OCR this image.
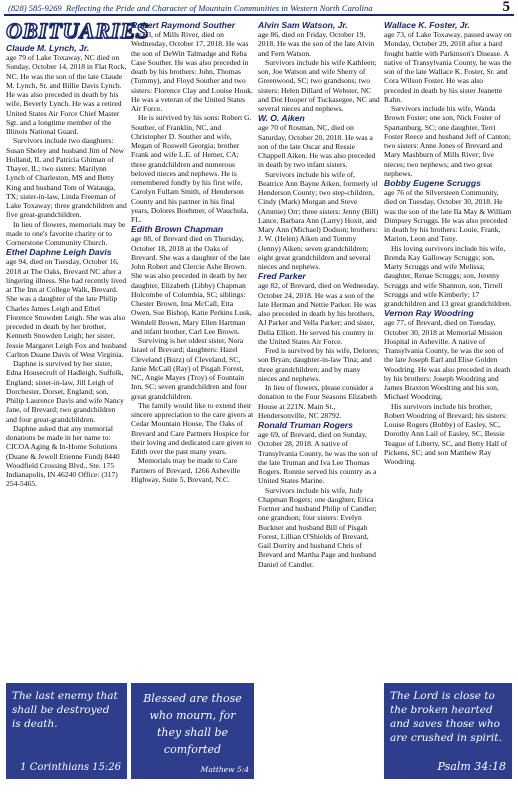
(828) 585-9269 Reflecting the Pride and Character of Mountain Communities in Western North Carolina	5
OBITUARIES
Claude M. Lynch, Jr.

age 79 of Lake Toxaway, NC died on Sunday, October 14, 2018 in Flat Rock, NC. He was the son of the late Claude M. Lynch, Sr. and Billie Davis Lynch. He was also preceded in death by his wife, Beverly Lynch. He was a retired United States Air Force Chief Master Sgt. and a longtime member of the Illinois National Guard.

Survivors include two daughters: Susan Sheley and husband Jim of New Holland, IL and Patricia Ghiman of Thayer, IL; two sisters: Marilynn Lynch of Charleston, MS and Betty King and husband Tom of Watauga, TX; sister-in-law, Linda Freeman of Lake Toxaway; three grandchildren and five great-grandchildren.

In lieu of flowers, memorials may be made to one's favorite charity or to Cornerstone Community Church.

Ethel Daphne Leigh Davis

age 94, died on Tuesday, October 16, 2018 at The Oaks, Brevard NC after a lingering illness. She had recently lived at The Inn at College Walk, Brevard. She was a daughter of the late Philip Charles James Leigh and Ethel Florence Snowden Leigh. She was also preceded in death by her brother, Kenneth Snowden Leigh; her sister, Jessie Margaret Leigh Fox and husband Carlton Duane Davis of West Virginia.

Daphne is survived by her sister, Edna Housecroft of Hadleigh, Suffolk, England; sister-in-law, Jill Leigh of Dorchester, Dorset, England; son, Philip Laurence Davis and wife Nancy Jane, of Brevard; two grandchildren and four great-grandchildren.

Daphne asked that any memorial donations be made in her name to: CICOA Aging & In-Home Solutions (Duane & Jewell Etienne Fund) 8440 Woodfield Crossing Blvd., Ste. 175 Indianapolis, IN 46240 Office: (317) 254-5465.

Robert Raymond Souther

age 83, of Mills River, died on Wednesday, October 17, 2018. He was the son of DeWitt Talmadge and Reba Case Souther. He was also preceded in death by his brothers: John, Thomas (Tommy), and Floyd Souther and two sisters: Florence Clay and Louise Houk. He was a veteran of the United States Air Force.

He is survived by his sons: Robert G. Souther, of Franklin, NC, and Christopher D. Souther and wife, Megan of Roswell Georgia; brother Frank and wife L.E. of Hemet, CA; three grandchildren and numerous beloved nieces and nephews. He is remembered fondly by his first wife, Carolyn Fullam Smith, of Henderson County and his partner in his final years, Dolores Boehmer, of Wauchula, FL.

Edith Brown Chapman

age 88, of Brevard died on Thursday, October 18, 2018 at the Oaks of Brevard. She was a daughter of the late John Robert and Clercie Ashe Brown. She was also preceded in death by her daughter, Elizabeth (Libby) Chapman Holcombe of Columbia, SC; siblings: Chester Brown, Ima McCall, Etta Owen, Sue Bishop, Katie Perkins Lusk, Wendell Brown, Mary Ellen Hartman and infant brother, Carl Lee Brown.

Surviving is her oldest sister, Nora Israel of Brevard; daughters: Hazel Cleveland (Buzz) of Cleveland, SC, Janie McCall (Ray) of Pisgah Forest, NC, Angie Mayes (Troy) of Fountain Inn, SC; seven grandchildren and four great grandchildren.

The family would like to extend their sincere appreciation to the care givers at Cedar Mountain House, The Oaks of Brevard and Care Partners Hospice for their loving and dedicated care given to Edith over the past many years.

Memorials may be made to Care Partners of Brevard, 1266 Asheville Highway, Suite 5, Brevard, N.C.

Alvin Sam Watson, Jr.

age 86, died on Friday, October 19, 2018. He was the son of the late Alvin and Fern Watson.

Survivors include his wife Kathleen; son, Joe Watson and wife Sherry of Greenwood, SC; two grandsons; two sisters: Helen Dillard of Webster, NC and Dot Hooper of Tuckasegee, NC and several nieces and nephews.

W. O. Aiken

age 70 of Rosman, NC, died on Saturday, October 20, 2018. He was a son of the late Oscar and Ressie Chappell Aiken. He was also preceded in death by two infant sisters.

Survivors include his wife of, Beatrice Ann Bayne Aiken, formerly of Henderson County; two step-children, Cindy (Mark) Morgan and Steve (Ammie) Orr; three sisters: Jenny (Bill) Lance, Barbara Ann (Larry) Hoxit, and Mary Ann (Michael) Dodson; brothers: J. W. (Helen) Aiken and Tommy (Jenny) Aiken; seven grandchildren; eight great grandchildren and several nieces and nephews.

Fred Parker

age 82, of Brevard, died on Wednesday, October 24, 2018. He was a son of the late Herman and Nettie Parker. He was also preceded in death by his brothers, AJ Parker and Vella Parker; and sister, Delia Elliott. He served his country in the United States Air Force.

Fred is survived by his wife, Delores; son Bryan; daughter-in-law Tina; and three grandchildren; and by many nieces and nephews.

In lieu of flowers, please consider a donation to the Four Seasons Elizabeth House at 221N. Main St., Hendersonville, NC 28792.

Ronald Truman Rogers

age 69, of Brevard, died on Sunday, October 28, 2018. A native of Transylvania County, he was the son of the late Truman and Iva Lee Thomas Rogers. Ronnie served his country as a United States Marine.

Survivors include his wife, Judy Chapman Rogers; one daughter, Erica Fortner and husband Philip of Candler; one grandson; four sisters: Evelyn Buckner and husband Bill of Pisgah Forest, Lillian O'Shields of Brevard, Gail Dorrity and husband Chris of Brevard and Martha Page and husband Daniel of Candler.

Wallace K. Foster, Jr.

age 73, of Lake Toxaway, passed away on Monday, October 29, 2018 after a hard fought battle with Parkinson's Disease. A native of Transylvania County, he was the son of the late Wallace K. Foster, Sr. and Cora Wilson Foster. He was also preceded in death by his sister Jeanette Rahn.

Survivors include his wife, Wanda Brown Foster; one son, Nick Foster of Spartanburg, SC; one daughter, Terri Foster Reece and husband Jeff of Canton; two sisters: Anne Jones of Brevard and Mary Mashburn of Mills River; five nieces; two nephews; and two great nephews.

Bobby Eugene Scruggs

age 76 of the Silversteen Community, died on Tuesday, October 30, 2018. He was the son of the late Ila May & William Dimpsey Scruggs. He was also preceded in death by his brothers: Louie, Frank, Marion, Leon and Tony.

His loving survivors include his wife, Brenda Kay Galloway Scruggs; son, Marty Scruggs and wife Melissa; daughter, Renae Scruggs; son, Jeremy Scruggs and wife Shannon, son, Tirrell Scruggs and wife Kimberly; 17 grandchildren and 13 great grandchildren.

Vernon Ray Woodring

age 77, of Brevard, died on Tuesday, October 30, 2018 at Memorial Mission Hospital in Asheville. A native of Transylvania County, he was the son of the late Joseph Earl and Elise Golden Woodring. He was also preceded in death by his brothers: Joseph Woodring and James Braxton Woodring and his son, Michael Woodring.

His survivors include his brother, Robert Woodring of Brevard; his sisters: Louise Rogers (Bobby) of Easley, SC, Dorothy Ann Lail of Easley, SC, Bessie Teague of Liberty, SC, and Betty Hall of Pickens, SC; and son Matthew Ray Woodring.

The last enemy that shall be destroyed is death.
1 Corinthians 15:26
Blessed are those who mourn, for they shall be comforted
Matthew 5:4
The Lord is close to the broken hearted and saves those who are crushed in spirit.
Psalm 34:18
